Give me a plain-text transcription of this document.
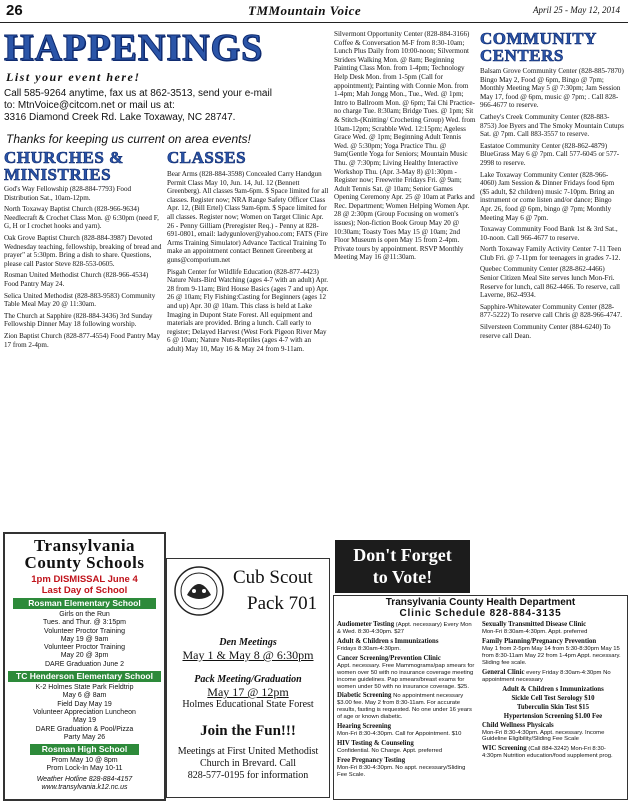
26	TMMountain Voice	April 25 - May 12, 2014
HAPPENINGS
List your event here!
Call 585-9264 anytime, fax us at 862-3513, send your e-mail
to: MtnVoice@citcom.net or mail us at:
3316 Diamond Creek Rd. Lake Toxaway, NC 28747.
Thanks for keeping us current on area events!
CHURCHES &
MINISTRIES

God's Way Fellowship (828-884-7793) Food Distribution Sat., 10am-12pm.

North Toxaway Baptist Church (828-966-9634) Needlecraft & Crochet Class Mon. @ 6:30pm (need F, G, H or I crochet hooks and yarn).

Oak Grove Baptist Church (828-884-3987) Devoted Wednesday teaching, fellowship, breaking of bread and prayer" at 5:30pm. Bring a dish to share. Questions, please call Pastor Steve 828-553-0605.

Rosman United Methodist Church (828-966-4534) Food Pantry May 24.

Selica United Methodist (828-883-9583) Community Table Meal May 20 @ 11:30am.

The Church at Sapphire (828-884-3436) 3rd Sunday Fellowship Dinner May 18 following worship.

Zion Baptist Church (828-877-4554) Food Pantry May 17 from 2-4pm.

CLASSES

Bear Arms (828-884-3598) Concealed Carry Handgun Permit Class May 10, Jun. 14, Jul. 12 (Bennett Greenberg). All classes 9am-6pm. $ Space limited for all classes. Register now; NRA Range Safety Officer Class Apr. 12, (Bill Ertel) Class 9am-6pm. $ Space limited for all classes. Register now; Women on Target Clinic Apr. 26 - Penny Gilliam (Preregister Req.) - Penny at 828-691-0801, email: ladygunlover@yahoo.com; FATS (Fire Arms Training Simulator) Advance Tactical Training To make an appointment contact Bennett Greenberg at guns@comporium.net

Pisgah Center for Wildlife Education (828-877-4423) Nature Nuts-Bird Watching (ages 4-7 with an adult) Apr. 28 from 9-11am; Bird House Basics (ages 7 and up) Apr. 26 @ 10am; Fly Fishing:Casting for Beginners (ages 12 and up) Apr. 30 @ 10am. This class is held at Lake Imaging in Dupont State Forest. All equipment and materials are provided. Bring a lunch. Call early to register; Delayed Harvest (West Fork Pigeon River May 6 @ 10am; Nature Nuts-Reptiles (ages 4-7 with an adult) May 10, May 16 & May 24 from 9-11am.

Silvermont Opportunity Center (828-884-3166) Coffee & Conversation M-F from 8:30-10am; Lunch Plus Daily from 10:00-noon; Silvermont Striders Walking Mon. @ 8am; Beginning Painting Class Mon. from 1-4pm; Technology Help Desk Mon. from 1-5pm (Call for appointment); Painting with Connie Mon. from 1-4pm; Mah Jongg Mon., Tue., Wed. @ 1pm; Intro to Ballroom Mon. @ 6pm; Tai Chi Practice-no charge Tue. 8:30am; Bridge Tues. @ 1pm; Sit & Stitch-(Knitting/ Crocheting Group) Wed. from 10am-12pm; Scrabble Wed. 12:15pm; Ageless Grace Wed. @ 1pm; Beginning Adult Tennis Wed. @ 5:30pm; Yoga Practice Thu. @ 9am(Gentle Yoga for Seniors; Mountain Music Thu. @ 7:30pm; Living Healthy Interactive Workshop Thu. (Apr. 3-May 8) @1:30pm - Register now; Freewrite Fridays Fri. @ 9am; Adult Tennis Sat. @ 10am; Senior Games Opening Ceremony Apr. 25 @ 10am at Parks and Rec. Department; Women Helping Women Apr. 28 @ 2:30pm (Group Focusing on women's issues); Non-fiction Book Group May 20 @ 10:30am; Toasty Toes May 15 @ 10am; 2nd Floor Museum is open May 15 from 2-4pm. Private tours by appointment. RSVP Monthly Meeting May 16 @11:30am.

COMMUNITY
CENTERS

Balsam Grove Community Center (828-885-7870) Bingo May 2, Food @ 6pm, Bingo @ 7pm; Monthly Meeting May 5 @ 7:30pm; Jam Session May 17, food @ 6pm, music @ 7pm; . Call 828-966-4677 to reserve.

Cathey's Creek Community Center (828-883-8753) Joe Byers and The Smoky Mountain Cutups Sat. @ 7pm. Call 883-3557 to reserve.

Eastatoe Community Center (828-862-4879) BlueGrass May 6 @ 7pm. Call 577-6045 or 577-2998 to reserve.

Lake Toxaway Community Center (828-966-4060) Jam Session & Dinner Fridays food 6pm ($5 adult, $2 children) music 7-10pm. Bring an instrument or come listen and/or dance; Bingo Apr. 26, food @ 6pm, bingo @ 7pm; Monthly Meeting May 6 @ 7pm.

Toxaway Community Food Bank 1st & 3rd Sat., 10-noon. Call 966-4677 to reserve.

North Toxaway Family Activity Center 7-11 Teen Club Fri. @ 7-11pm for teenagers in grades 7-12.

Quebec Community Center (828-862-4466) Senior Citizen Meal Site serves lunch Mon-Fri. Reserve for lunch, call 862-4466. To reserve, call Laverne, 862-4934.

Sapphire-Whitewater Community Center (828-877-5222) To reserve call Chris @ 828-966-4747.

Silversteen Community Center (884-6240) To reserve call Dean.

Transylvania
County Schools
1pm DISMISSAL June 4
Last Day of School
Rosman Elementary School
Girls on the Run
Tues. and Thur. @ 3:15pm
Volunteer Proctor Training
May 19 @ 9am
Volunteer Proctor Training
May 20 @ 3pm
DARE Graduation June 2
TC Henderson Elementary School
K-2 Holmes State Park Fieldtrip
May 6 @ 8am
Field Day May 19
Volunteer Appreciation Luncheon
May 19
DARE Graduation & Pool/Pizza
Party May 26
Rosman High School
Prom May 10 @ 8pm
Prom Lock-In May 10-11
Weather Hotline 828-884-4157
www.transylvania.k12.nc.us
Cub Scout
Pack 701
Den Meetings
May 1 & May 8 @ 6:30pm
Pack Meeting/Graduation
May 17 @ 12pm
Holmes Educational State Forest
Join the Fun!!!
Meetings at First United Methodist
Church in Brevard. Call
828-577-0195 for information
Don't Forget
to Vote!
Transylvania County Health Department
Clinic Schedule 828-884-3135

Audiometer Testing (Appt. necessary) Every Mon & Wed. 8:30-4:30pm. $27

Adult & Children s Immunizations
Fridays 8:30am-4:30pm.

Cancer Screening/Prevention Clinic
Appt. necessary. Free Mammograms/pap smears for women over 50 with no insurance coverage meeting income guidelines. Pap smears/breast exams for women under 50 with no insurance coverage. $25.

Diabetic Screening No appointment necessary $3.00 fee. May 2 from 8:30-11am. For accurate results, fasting is requested. No one under 16 years of age or known diabetic.

Hearing Screening
Mon-Fri 8:30-4:30pm. Call for Appointment. $10

HIV Testing & Counseling
Confidential. No Charge. Appt. preferred

Free Pregnancy Testing
Mon-Fri 8:30-4:30pm. No appt. necessary/Sliding Fee Scale.

Sexually Transmitted Disease Clinic
Mon-Fri 8:30am-4:30pm. Appt. preferred

Family Planning/Pregnancy Prevention
May 1 from 2-5pm May 14 from 5:30-8:30pm May 15 from 8:30-11am May 22 from 1-4pm Appt. necessary. Sliding fee scale.

General Clinic every Friday 8:30am-4:30pm No appointment necessary

Adult & Children s Immunizations

Sickle Cell Test Serology $10

Tuberculin Skin Test $15

Hypertension Screening $1.00 Fee

Child Wellness Physicals
Mon-Fri 8:30-4:30pm. Appt. necessary. Income Guideline Eligibility/Sliding Fee Scale

WIC Screening (Call 884-3242) Mon-Fri 8:30-4:30pm Nutrition education/food supplement prog.
